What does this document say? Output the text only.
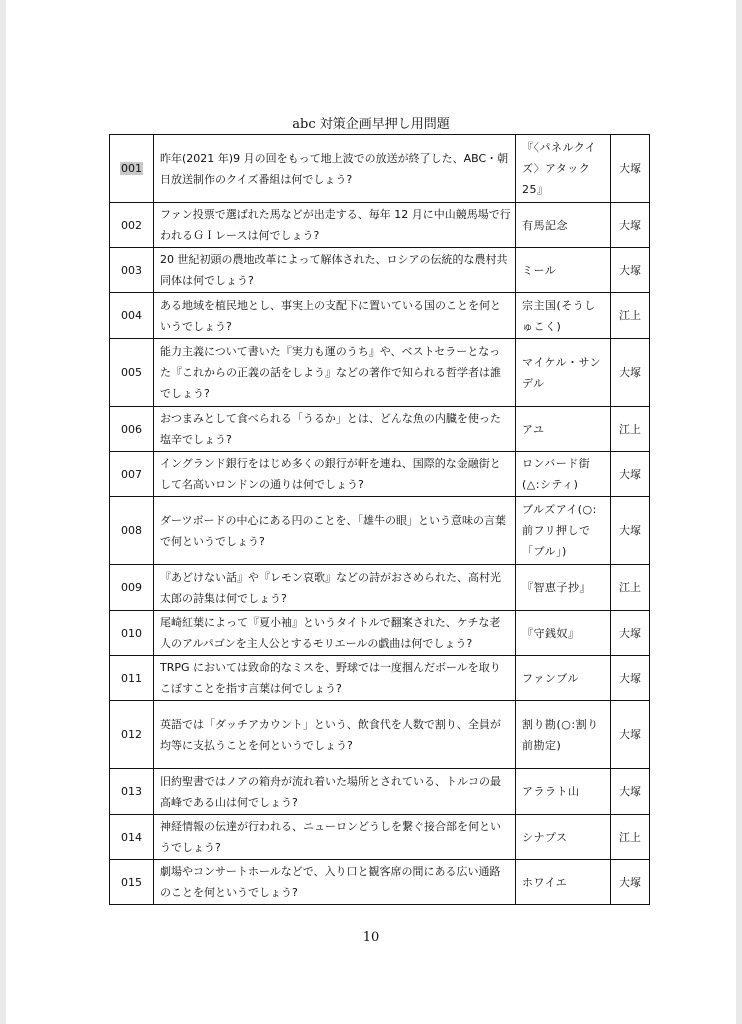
abc 対策企画早押し用問題
001	昨年(2021 年)9 月の回をもって地上波での放送が終了した、ABC・朝日放送制作のクイズ番組は何でしょう?	『〈パネルクイズ〉アタック 25』	大塚
002	ファン投票で選ばれた馬などが出走する、毎年 12 月に中山競馬場で行われるＧＩレースは何でしょう?	有馬記念	大塚
003	20 世紀初頭の農地改革によって解体された、ロシアの伝統的な農村共同体は何でしょう?	ミール	大塚
004	ある地域を植民地とし、事実上の支配下に置いている国のことを何というでしょう?	宗主国(そうしゅこく)	江上
005	能力主義について書いた『実力も運のうち』や、ベストセラーとなった『これからの正義の話をしよう』などの著作で知られる哲学者は誰でしょう?	マイケル・サンデル	大塚
006	おつまみとして食べられる「うるか」とは、どんな魚の内臓を使った塩辛でしょう?	アユ	江上
007	イングランド銀行をはじめ多くの銀行が軒を連ね、国際的な金融街として名高いロンドンの通りは何でしょう?	ロンバード街(△:シティ)	大塚
008	ダーツボードの中心にある円のことを、「雄牛の眼」という意味の言葉で何というでしょう?	ブルズアイ(○:前フリ押しで「ブル」)	大塚
009	『あどけない話』や『レモン哀歌』などの詩がおさめられた、高村光太郎の詩集は何でしょう?	『智恵子抄』	江上
010	尾崎紅葉によって『夏小袖』というタイトルで翻案された、ケチな老人のアルパゴンを主人公とするモリエールの戯曲は何でしょう?	『守銭奴』	大塚
011	TRPG においては致命的なミスを、野球では一度掴んだボールを取りこぼすことを指す言葉は何でしょう?	ファンブル	大塚
012	英語では「ダッチアカウント」という、飲食代を人数で割り、全員が均等に支払うことを何というでしょう?	割り勘(○:割り前勘定)	大塚
013	旧約聖書ではノアの箱舟が流れ着いた場所とされている、トルコの最高峰である山は何でしょう?	アララト山	大塚
014	神経情報の伝達が行われる、ニューロンどうしを繋ぐ接合部を何というでしょう?	シナプス	江上
015	劇場やコンサートホールなどで、入り口と観客席の間にある広い通路のことを何というでしょう?	ホワイエ	大塚
10
